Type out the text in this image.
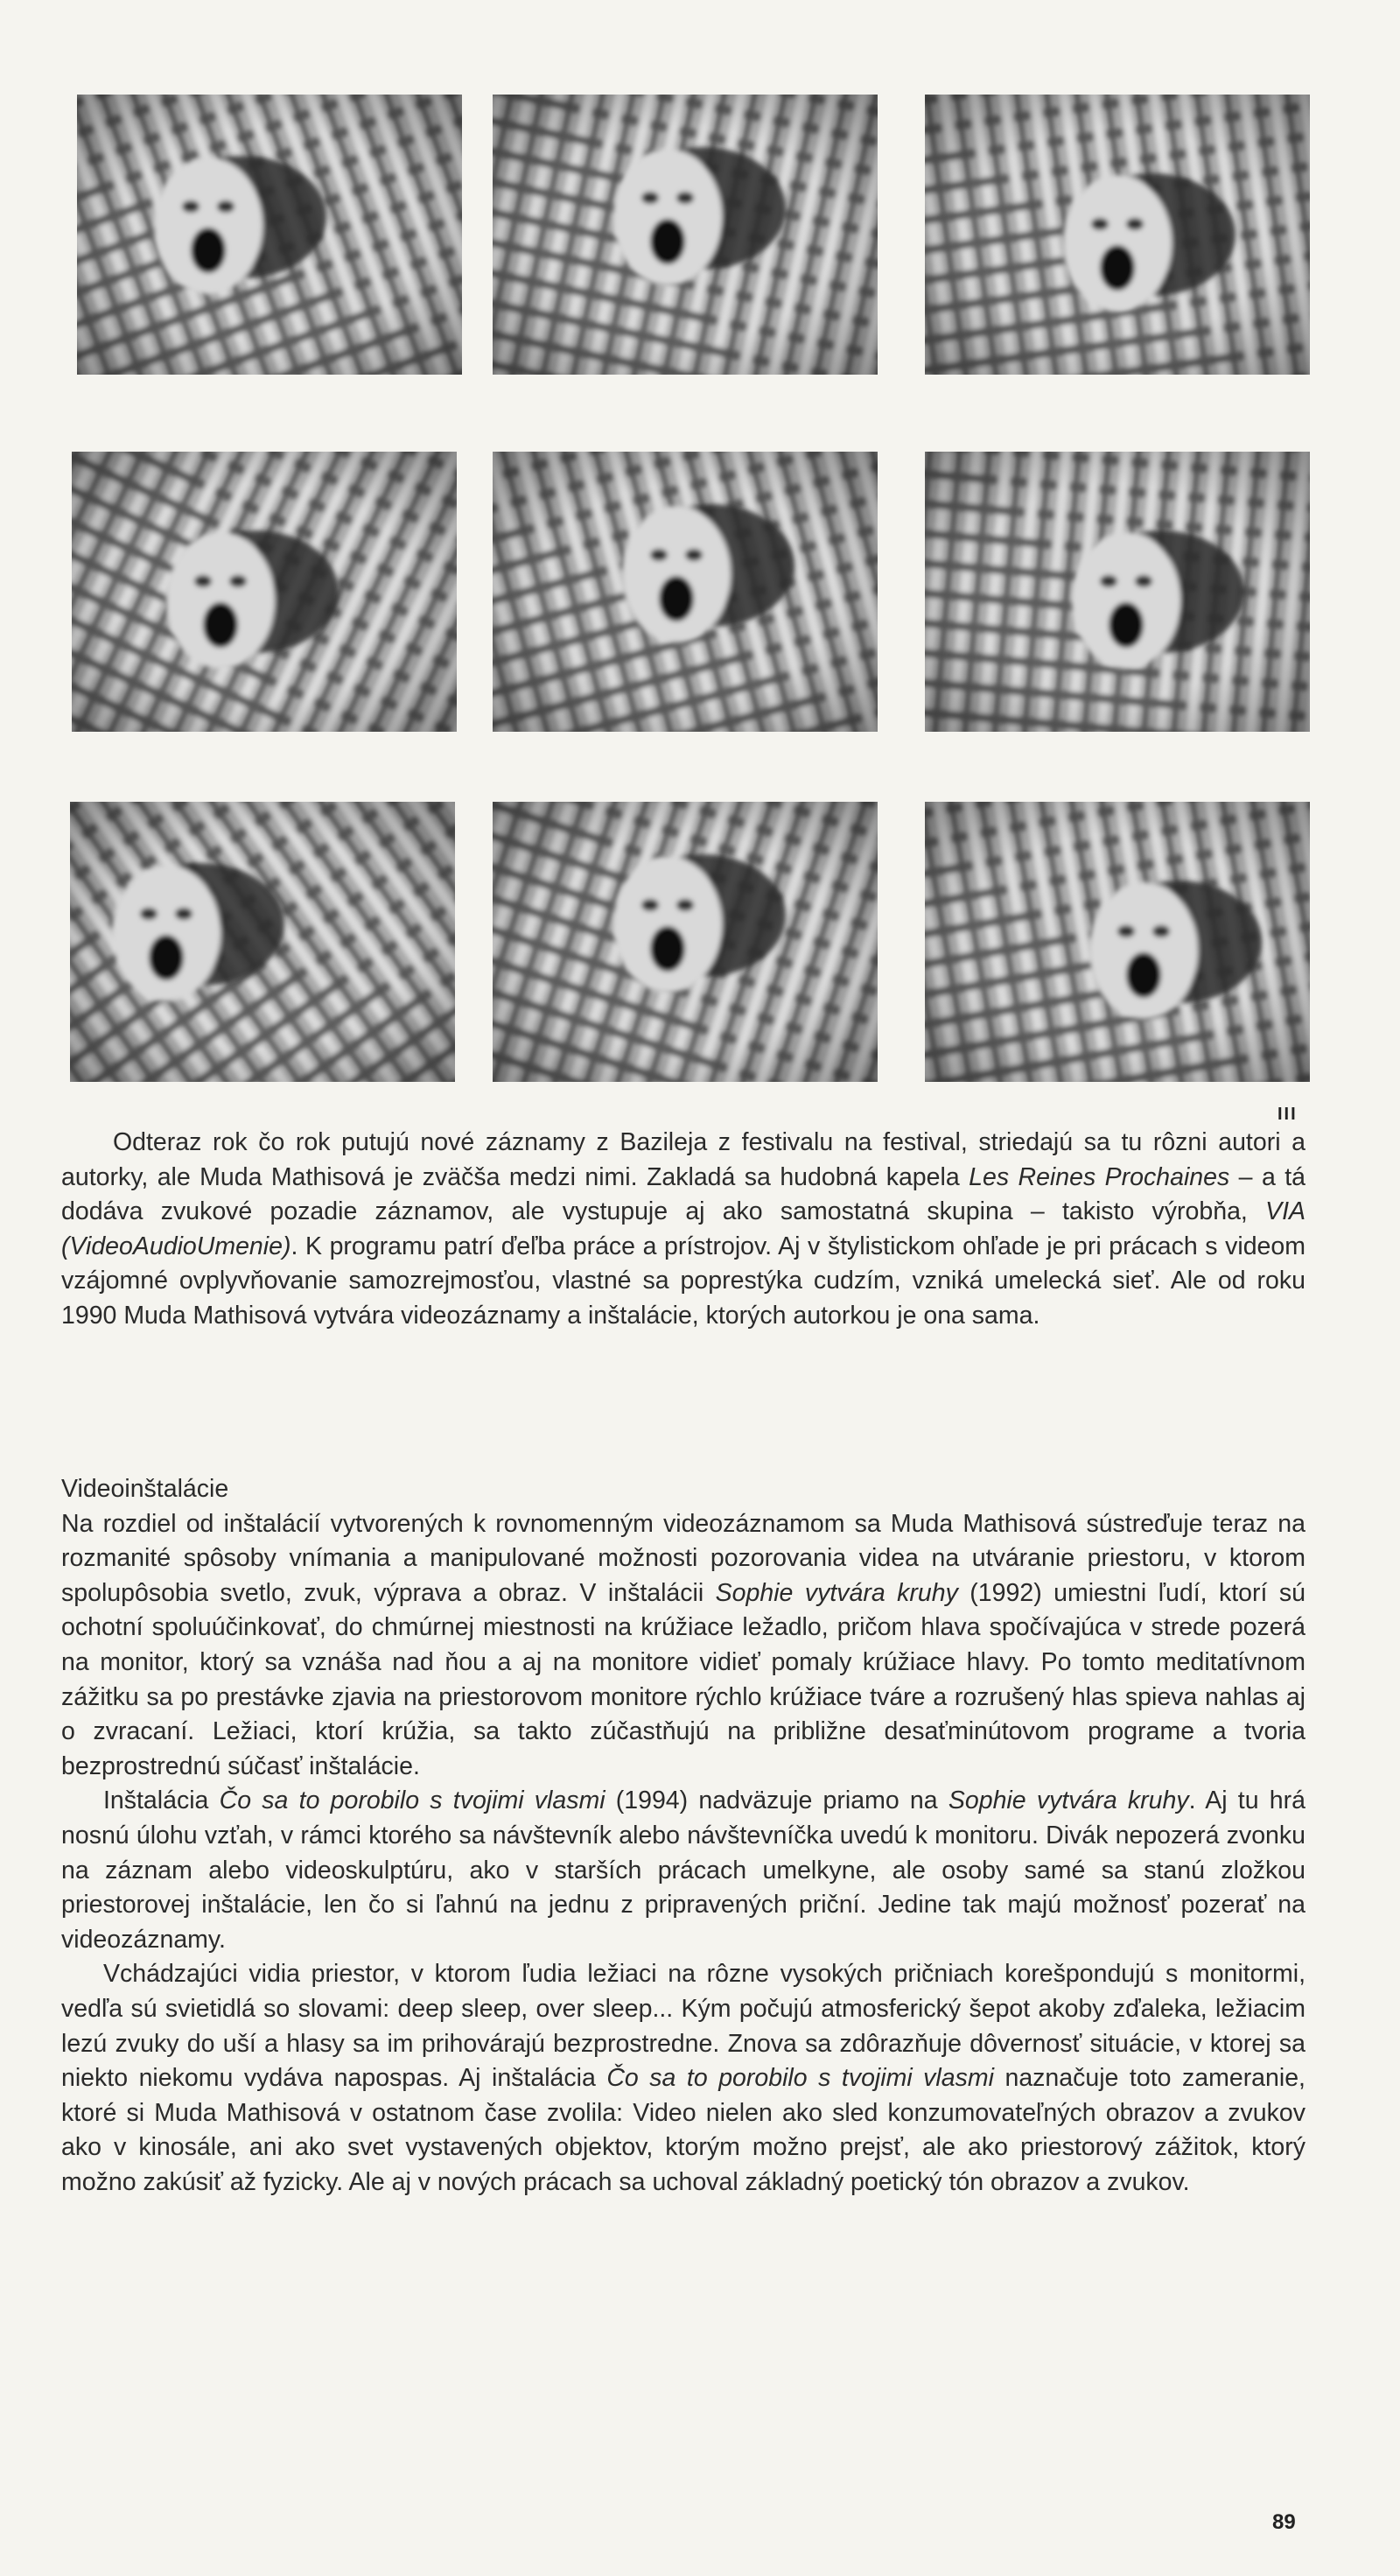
III

Odteraz rok čo rok putujú nové záznamy z Bazileja z festivalu na festival, striedajú sa tu rôzni autori a autorky, ale Muda Mathisová je zväčša medzi nimi. Zakladá sa hudobná kapela Les Reines Prochaines – a tá dodáva zvukové pozadie záznamov, ale vystupuje aj ako samostatná skupina – takisto výrobňa, VIA (VideoAudioUmenie). K programu patrí ďeľba práce a prístrojov. Aj v štylistickom ohľade je pri prácach s videom vzájomné ovplyvňovanie samozrejmosťou, vlastné sa poprestýka cudzím, vzniká umelecká sieť. Ale od roku 1990 Muda Mathisová vytvára videozáznamy a inštalácie, ktorých autorkou je ona sama.

Videoinštalácie

Na rozdiel od inštalácií vytvorených k rovnomenným videozáznamom sa Muda Mathisová sústreďuje teraz na rozmanité spôsoby vnímania a manipulované možnosti pozorovania videa na utváranie priestoru, v ktorom spolupôsobia svetlo, zvuk, výprava a obraz. V inštalácii Sophie vytvára kruhy (1992) umiestni ľudí, ktorí sú ochotní spoluúčinkovať, do chmúrnej miestnosti na krúžiace ležadlo, pričom hlava spočívajúca v strede pozerá na monitor, ktorý sa vznáša nad ňou a aj na monitore vidieť pomaly krúžiace hlavy. Po tomto meditatívnom zážitku sa po prestávke zjavia na priestorovom monitore rýchlo krúžiace tváre a rozrušený hlas spieva nahlas aj o zvracaní. Ležiaci, ktorí krúžia, sa takto zúčastňujú na približne desaťminútovom programe a tvoria bezprostrednú súčasť inštalácie.

Inštalácia Čo sa to porobilo s tvojimi vlasmi (1994) nadväzuje priamo na Sophie vytvára kruhy. Aj tu hrá nosnú úlohu vzťah, v rámci ktorého sa návštevník alebo návštevníčka uvedú k monitoru. Divák nepozerá zvonku na záznam alebo videoskulptúru, ako v starších prácach umelkyne, ale osoby samé sa stanú zložkou priestorovej inštalácie, len čo si ľahnú na jednu z pripravených priční. Jedine tak majú možnosť pozerať na videozáznamy.

Vchádzajúci vidia priestor, v ktorom ľudia ležiaci na rôzne vysokých pričniach korešpondujú s monitormi, vedľa sú svietidlá so slovami: deep sleep, over sleep... Kým počujú atmosferický šepot akoby zďaleka, ležiacim lezú zvuky do uší a hlasy sa im prihovárajú bezprostredne. Znova sa zdôrazňuje dôvernosť situácie, v ktorej sa niekto niekomu vydáva napospas. Aj inštalácia Čo sa to porobilo s tvojimi vlasmi naznačuje toto zameranie, ktoré si Muda Mathisová v ostatnom čase zvolila: Video nielen ako sled konzumovateľných obrazov a zvukov ako v kinosále, ani ako svet vystavených objektov, ktorým možno prejsť, ale ako priestorový zážitok, ktorý možno zakúsiť až fyzicky. Ale aj v nových prácach sa uchoval základný poetický tón obrazov a zvukov.

89
